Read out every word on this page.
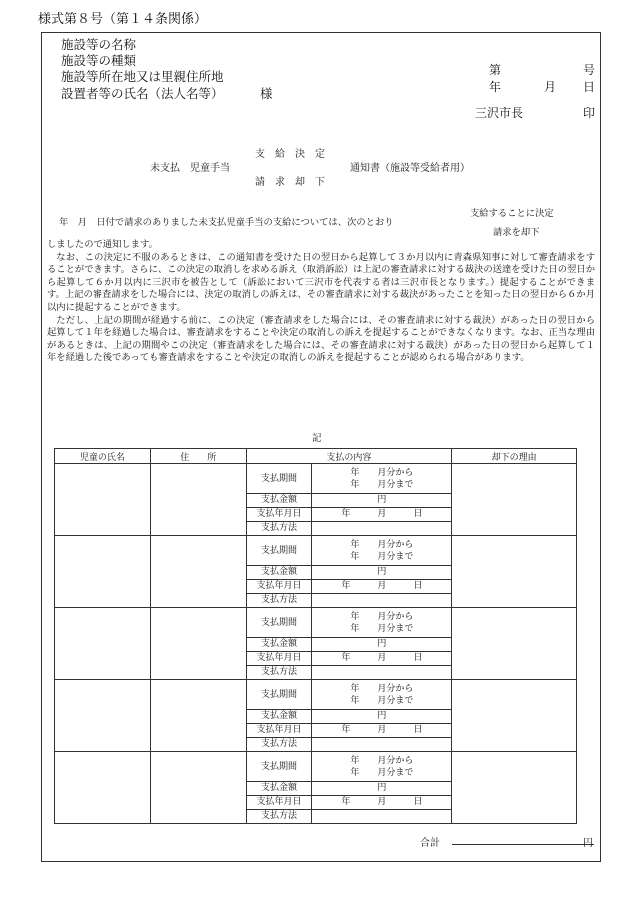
様式第８号（第１４条関係）
施設等の名称
施設等の種類
施設等所在地又は里親住所地
設置者等の氏名（法人名等）	様
第	号
年	月 日
三沢市長	印
支　給　決　定
未支払　児童手当	通知書（施設等受給者用）
請　求　却　下
支給することに決定
年　月　日付で請求のありました未支払児童手当の支給については、次のとおり
請求を却下

しましたので通知します。

なお、この決定に不服のあるときは、この通知書を受けた日の翌日から起算して３か月以内に青森県知事に対して審査請求をすることができます。さらに、この決定の取消しを求める訴え（取消訴訟）は上記の審査請求に対する裁決の送達を受けた日の翌日から起算して６か月以内に三沢市を被告として（訴訟において三沢市を代表する者は三沢市長となります。）提起することができます。上記の審査請求をした場合には、決定の取消しの訴えは、その審査請求に対する裁決があったことを知った日の翌日から６か月以内に提起することができます。

ただし、上記の期間が経過する前に、この決定（審査請求をした場合には、その審査請求に対する裁決）があった日の翌日から起算して１年を経過した場合は、審査請求をすることや決定の取消しの訴えを提起することができなくなります。なお、正当な理由があるときは、上記の期間やこの決定（審査請求をした場合には、その審査請求に対する裁決）があった日の翌日から起算して１年を経過した後であっても審査請求をすることや決定の取消しの訴えを提起することが認められる場合があります。

記
児童の氏名	住　　所	支払の内容		却下の理由
		支払期間	年　　月分から
年　　月分まで	
		支払金額	円	
		支払年月日	年　　　月　　　日	
		支払方法		
		支払期間	年　　月分から
年　　月分まで	
		支払金額	円	
		支払年月日	年　　　月　　　日	
		支払方法		
		支払期間	年　　月分から
年　　月分まで	
		支払金額	円	
		支払年月日	年　　　月　　　日	
		支払方法		
		支払期間	年　　月分から
年　　月分まで	
		支払金額	円	
		支払年月日	年　　　月　　　日	
		支払方法		
		支払期間	年　　月分から
年　　月分まで	
		支払金額	円	
		支払年月日	年　　　月　　　日	
		支払方法		
合計	円
